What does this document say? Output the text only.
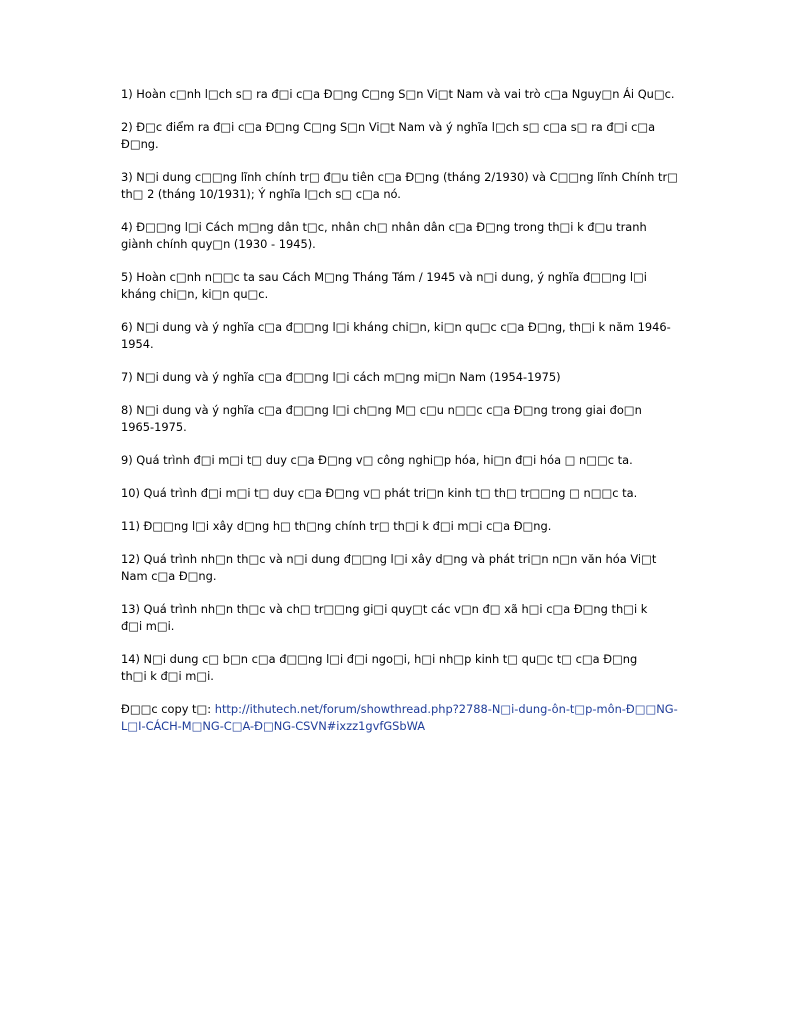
1) Hoàn c□nh l□ch s□ ra đ□i c□a Đ□ng C□ng S□n Vi□t Nam và vai trò c□a Nguy□n Ái Qu□c.

2) Đ□c điểm ra đ□i c□a Đ□ng C□ng S□n Vi□t Nam và ý nghĩa l□ch s□ c□a s□ ra đ□i c□a
Đ□ng.

3) N□i dung c□□ng lĩnh chính tr□ đ□u tiên c□a Đ□ng (tháng 2/1930) và C□□ng lĩnh Chính tr□
th□ 2 (tháng 10/1931); Ý nghĩa l□ch s□ c□a nó.

4) Đ□□ng l□i Cách m□ng dân t□c, nhân ch□ nhân dân c□a Đ□ng trong th□i k đ□u tranh
giành chính quy□n (1930 - 1945).

5) Hoàn c□nh n□□c ta sau Cách M□ng Tháng Tám / 1945 và n□i dung, ý nghĩa đ□□ng l□i
kháng chi□n, ki□n qu□c.

6) N□i dung và ý nghĩa c□a đ□□ng l□i kháng chi□n, ki□n qu□c c□a Đ□ng, th□i k năm 1946-
1954.

7) N□i dung và ý nghĩa c□a đ□□ng l□i cách m□ng mi□n Nam (1954-1975)

8) N□i dung và ý nghĩa c□a đ□□ng l□i ch□ng M□ c□u n□□c c□a Đ□ng trong giai đo□n
1965-1975.

9) Quá trình đ□i m□i t□ duy c□a Đ□ng v□ công nghi□p hóa, hi□n đ□i hóa □ n□□c ta.

10) Quá trình đ□i m□i t□ duy c□a Đ□ng v□ phát tri□n kinh t□ th□ tr□□ng □ n□□c ta.

11) Đ□□ng l□i xây d□ng h□ th□ng chính tr□ th□i k đ□i m□i c□a Đ□ng.

12) Quá trình nh□n th□c và n□i dung đ□□ng l□i xây d□ng và phát tri□n n□n văn hóa Vi□t
Nam c□a Đ□ng.

13) Quá trình nh□n th□c và ch□ tr□□ng gi□i quy□t các v□n đ□ xã h□i c□a Đ□ng th□i k
đ□i m□i.

14) N□i dung c□ b□n c□a đ□□ng l□i đ□i ngo□i, h□i nh□p kinh t□ qu□c t□ c□a Đ□ng
th□i k đ□i m□i.

Đ□□c copy t□: http://ithutech.net/forum/showthread.php?2788-N□i-dung-ôn-t□p-môn-Đ□□NG-
L□I-CÁCH-M□NG-C□A-Đ□NG-CSVN#ixzz1gvfGSbWA
